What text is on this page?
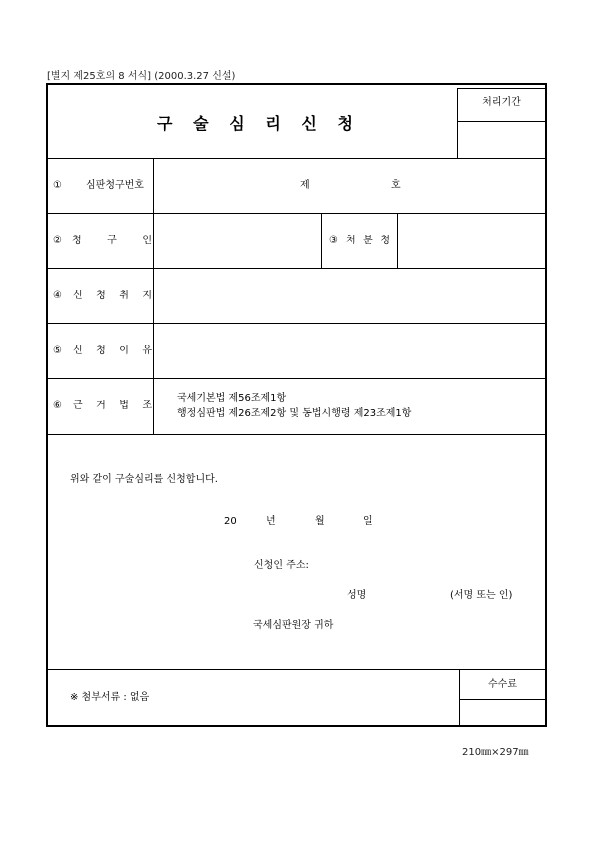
[별지 제25호의 8 서식] (2000.3.27 신설)
구 술 심 리 신 청
처리기간
① 심판청구번호	제	호
② 청 구 인	③ 처 분 청
④ 신 청 취 지
⑤ 신 청 이 유
⑥ 근 거 법 조
국세기본법 제56조제1항
행정심판법 제26조제2항 및 동법시행령 제23조제1항
위와 같이 구술심리를 신청합니다.
20	년	월	일
신청인 주소:
성명	(서명 또는 인)
국세심판원장 귀하
※ 첨부서류 : 없음
수수료
210㎜×297㎜
